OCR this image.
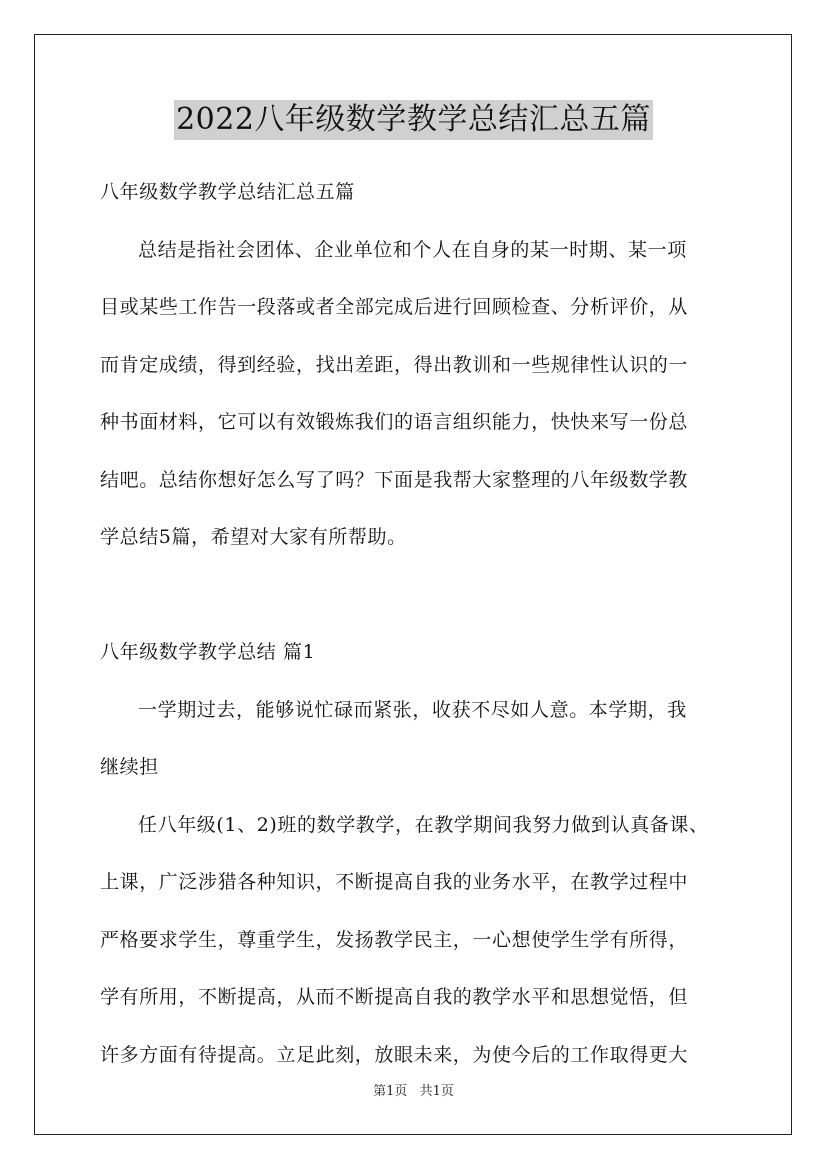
2022八年级数学教学总结汇总五篇

八年级数学教学总结汇总五篇

总结是指社会团体、企业单位和个人在自身的某一时期、某一项

目或某些工作告一段落或者全部完成后进行回顾检查、分析评价，从

而肯定成绩，得到经验，找出差距，得出教训和一些规律性认识的一

种书面材料，它可以有效锻炼我们的语言组织能力，快快来写一份总

结吧。总结你想好怎么写了吗？下面是我帮大家整理的八年级数学教

学总结5篇，希望对大家有所帮助。

八年级数学教学总结 篇1

一学期过去，能够说忙碌而紧张，收获不尽如人意。本学期，我

继续担

任八年级(1、2)班的数学教学，在教学期间我努力做到认真备课、

上课，广泛涉猎各种知识，不断提高自我的业务水平，在教学过程中

严格要求学生，尊重学生，发扬教学民主，一心想使学生学有所得，

学有所用，不断提高，从而不断提高自我的教学水平和思想觉悟，但

许多方面有待提高。立足此刻，放眼未来，为使今后的工作取得更大

第1页 共1页
